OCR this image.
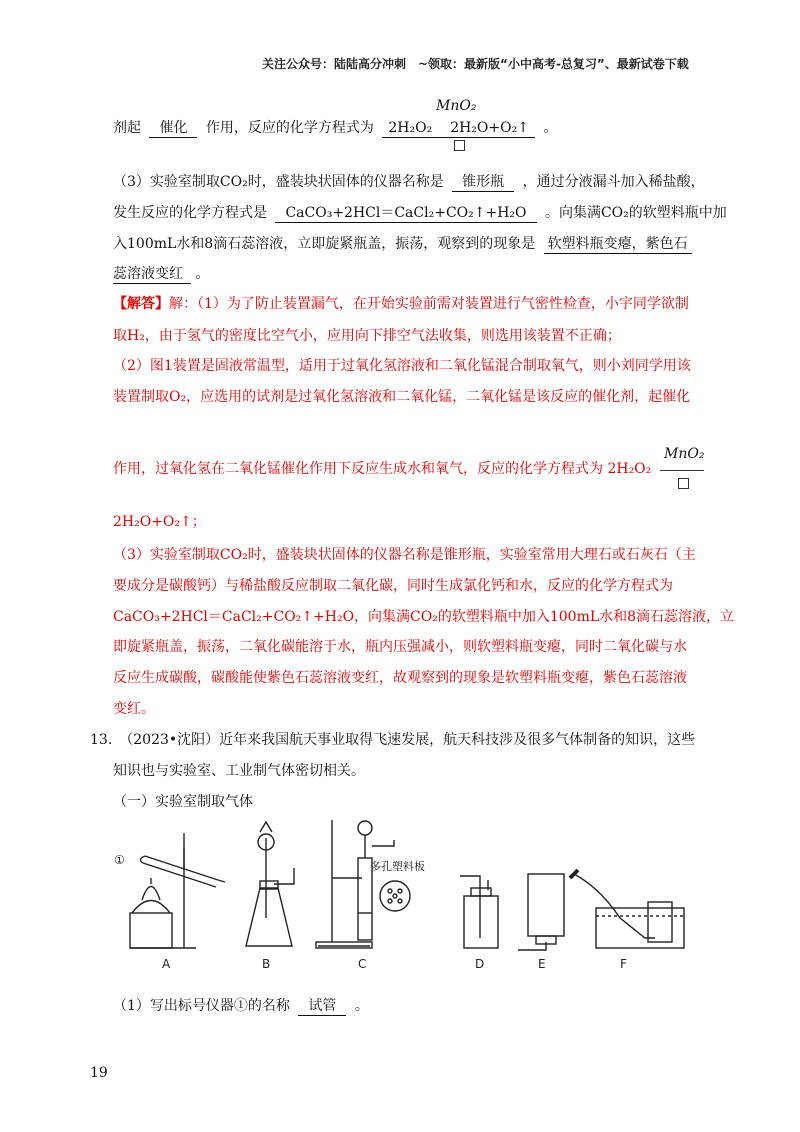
关注公众号：陆陆高分冲刺　~领取：最新版“小中高考-总复习”、最新试卷下载
剂起 催化 作用，反应的化学方程式为 2H₂O₂ 2H₂O+O₂↑ 。
MnO₂
（3）实验室制取CO₂时，盛装块状固体的仪器名称是 锥形瓶 ，通过分液漏斗加入稀盐酸，
发生反应的化学方程式是 CaCO₃+2HCl＝CaCl₂+CO₂↑+H₂O 。向集满CO₂的软塑料瓶中加
入100mL水和8滴石蕊溶液，立即旋紧瓶盖，振荡，观察到的现象是 软塑料瓶变瘪，紫色石
蕊溶液变红 。
【解答】解：（1）为了防止装置漏气，在开始实验前需对装置进行气密性检查，小宇同学欲制
取H₂，由于氢气的密度比空气小，应用向下排空气法收集，则选用该装置不正确；
（2）图1装置是固液常温型，适用于过氧化氢溶液和二氧化锰混合制取氧气，则小刘同学用该
装置制取O₂，应选用的试剂是过氧化氢溶液和二氧化锰，二氧化锰是该反应的催化剂，起催化
作用，过氧化氢在二氧化锰催化作用下反应生成水和氧气，反应的化学方程式为 2H₂O₂
MnO₂
2H₂O+O₂↑；
（3）实验室制取CO₂时，盛装块状固体的仪器名称是锥形瓶，实验室常用大理石或石灰石（主
要成分是碳酸钙）与稀盐酸反应制取二氧化碳，同时生成氯化钙和水，反应的化学方程式为
CaCO₃+2HCl＝CaCl₂+CO₂↑+H₂O，向集满CO₂的软塑料瓶中加入100mL水和8滴石蕊溶液，立
即旋紧瓶盖，振荡，二氧化碳能溶于水，瓶内压强减小，则软塑料瓶变瘪，同时二氧化碳与水
反应生成碳酸，碳酸能使紫色石蕊溶液变红，故观察到的现象是软塑料瓶变瘪，紫色石蕊溶液
变红。
13.　（2023•沈阳）近年来我国航天事业取得飞速发展，航天科技涉及很多气体制备的知识，这些
知识也与实验室、工业制气体密切相关。
（一）实验室制取气体
①	多孔塑料板
A	B	C	D	E	F
（1）写出标号仪器①的名称 试管 。
19
